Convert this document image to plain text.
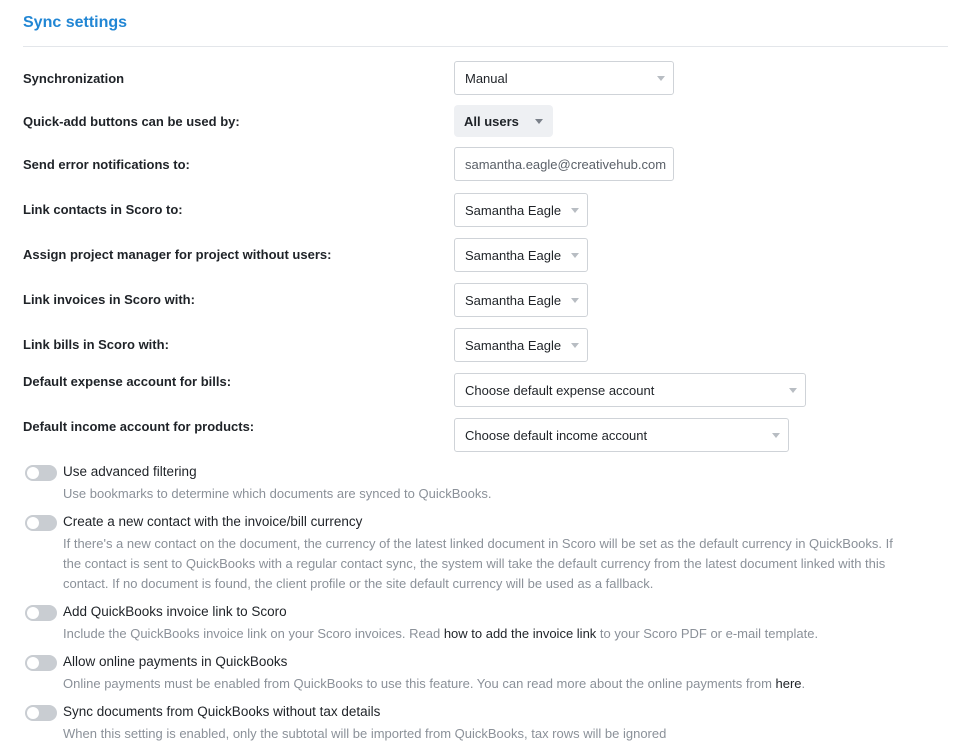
Sync settings
Synchronization	Manual
Quick-add buttons can be used by:	All users
Send error notifications to:
samantha.eagle@creativehub.com
Link contacts in Scoro to:	Samantha Eagle
Assign project manager for project without users:	Samantha Eagle
Link invoices in Scoro with:	Samantha Eagle
Link bills in Scoro with:	Samantha Eagle
Default expense account for bills:
Choose default expense account
Default income account for products:
Choose default income account
Use advanced filtering
Use bookmarks to determine which documents are synced to QuickBooks.
Create a new contact with the invoice/bill currency
If there's a new contact on the document, the currency of the latest linked document in Scoro will be set as the default currency in QuickBooks. If the contact is sent to QuickBooks with a regular contact sync, the system will take the default currency from the latest document linked with this contact. If no document is found, the client profile or the site default currency will be used as a fallback.
Add QuickBooks invoice link to Scoro
Include the QuickBooks invoice link on your Scoro invoices. Read how to add the invoice link to your Scoro PDF or e-mail template.
Allow online payments in QuickBooks
Online payments must be enabled from QuickBooks to use this feature. You can read more about the online payments from here.
Sync documents from QuickBooks without tax details
When this setting is enabled, only the subtotal will be imported from QuickBooks, tax rows will be ignored
